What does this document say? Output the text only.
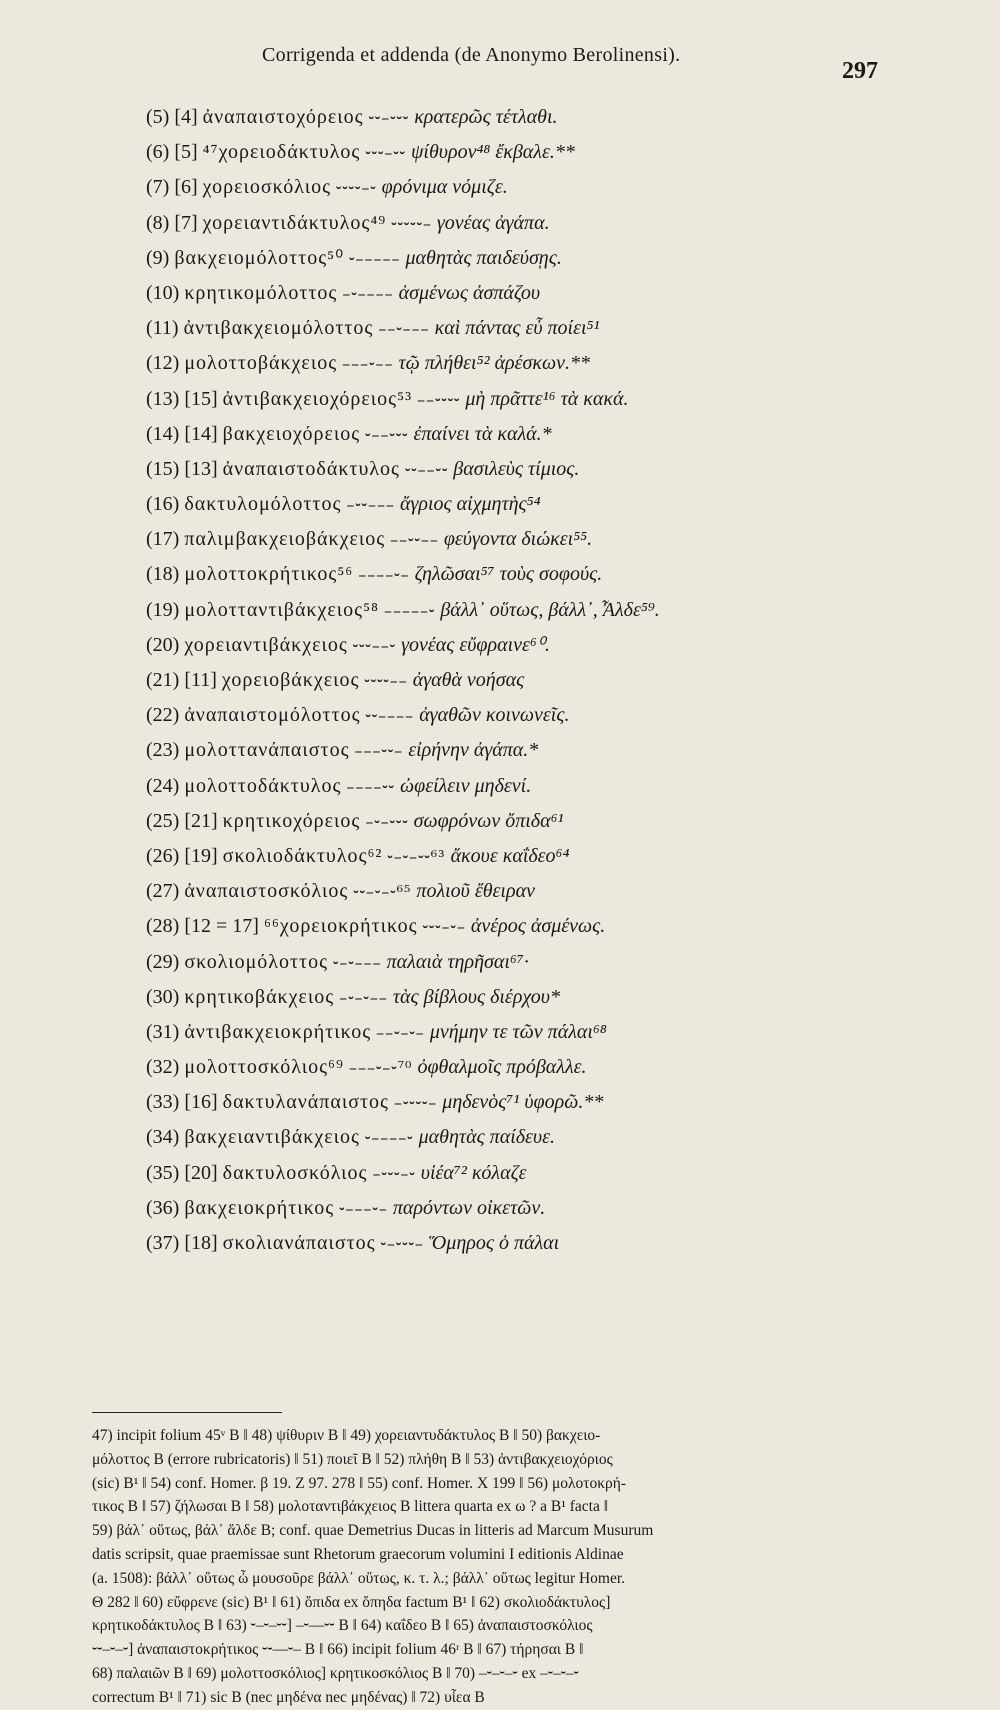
Corrigenda et addenda (de Anonymo Berolinensi).
297
(5) [4] ἀναπαιστοχόρειος ⏑⏑–⏑⏑⏑ κρατερῶς τέτλαθι.
(6) [5] ⁴⁷χορειοδάκτυλος ⏑⏑⏑–⏑⏑ ψίθυρον⁴⁸ ἔκβαλε.**
(7) [6] χορειοσκόλιος ⏑⏑⏑⏑–⏑ φρόνιμα νόμιζε.
(8) [7] χορειαντιδάκτυλος⁴⁹ ⏑⏑⏑⏑⏑– γονέας ἀγάπα.
(9) βακχειομόλοττος⁵⁰ ⏑––––– μαθητὰς παιδεύσῃς.
(10) κρητικομόλοττος –⏑–––– ἀσμένως ἀσπάζου
(11) ἀντιβακχειομόλοττος ––⏑––– καὶ πάντας εὖ ποίει⁵¹
(12) μολοττοβάκχειος –––⏑–– τῷ πλήθει⁵² ἀρέσκων.**
(13) [15] ἀντιβακχειοχόρειος⁵³ ––⏑⏑⏑⏑ μὴ πρᾶττε¹⁶ τὰ κακά.
(14) [14] βακχειοχόρειος ⏑––⏑⏑⏑ ἐπαίνει τὰ καλά.*
(15) [13] ἀναπαιστοδάκτυλος ⏑⏑––⏑⏑ βασιλεὺς τίμιος.
(16) δακτυλομόλοττος –⏑⏑––– ἄγριος αἰχμητὴς⁵⁴
(17) παλιμβακχειοβάκχειος ––⏑⏑–– φεύγοντα διώκει⁵⁵.
(18) μολοττοκρήτικος⁵⁶ ––––⏑– ζηλῶσαι⁵⁷ τοὺς σοφούς.
(19) μολοτταντιβάκχειος⁵⁸ –––––⏑ βάλλ᾿ οὕτως, βάλλ᾿, Ἆλδε⁵⁹.
(20) χορειαντιβάκχειος ⏑⏑⏑––⏑ γονέας εὔφραινε⁶⁰.
(21) [11] χορειοβάκχειος ⏑⏑⏑⏑–– ἀγαθὰ νοήσας
(22) ἀναπαιστομόλοττος ⏑⏑–––– ἀγαθῶν κοινωνεῖς.
(23) μολοττανάπαιστος –––⏑⏑– εἰρήνην ἀγάπα.*
(24) μολοττοδάκτυλος ––––⏑⏑ ὠφείλειν μηδενί.
(25) [21] κρητικοχόρειος –⏑–⏑⏑⏑ σωφρόνων ὄπιδα⁶¹
(26) [19] σκολιοδάκτυλος⁶² ⏑–⏑–⏑⏑⁶³ ἄκουε καΐδεο⁶⁴
(27) ἀναπαιστοσκόλιος ⏑⏑–⏑–⏑⁶⁵ πολιοῦ ἔθειραν
(28) [12 = 17] ⁶⁶χορειοκρήτικος ⏑⏑⏑–⏑– ἀνέρος ἀσμένως.
(29) σκολιομόλοττος ⏑–⏑––– παλαιὰ τηρῆσαι⁶⁷·
(30) κρητικοβάκχειος –⏑–⏑–– τὰς βίβλους διέρχου*
(31) ἀντιβακχειοκρήτικος ––⏑–⏑– μνήμην τε τῶν πάλαι⁶⁸
(32) μολοττοσκόλιος⁶⁹ –––⏑–⏑⁷⁰ ὀφθαλμοῖς πρόβαλλε.
(33) [16] δακτυλανάπαιστος –⏑⏑⏑⏑– μηδενὸς⁷¹ ὑφορῶ.**
(34) βακχειαντιβάκχειος ⏑––––⏑ μαθητὰς παίδευε.
(35) [20] δακτυλοσκόλιος –⏑⏑⏑–⏑ υἱέα⁷² κόλαζε
(36) βακχειοκρήτικος ⏑–––⏑– παρόντων οἰκετῶν.
(37) [18] σκολιανάπαιστος ⏑–⏑⏑⏑– Ὅμηρος ὁ πάλαι
47) incipit folium 45ᵛ B ‖ 48) ψίθυριν B ‖ 49) χορειαντυδάκτυλος B ‖ 50) βακχειο-
μόλοττος B (errore rubricatoris) ‖ 51) ποιεῖ B ‖ 52) πλήθη B ‖ 53) ἀντιβακχειοχόριος
(sic) B¹ ‖ 54) conf. Homer. β 19. Z 97. 278 ‖ 55) conf. Homer. X 199 ‖ 56) μολοτοκρή-
τικος B ‖ 57) ζήλωσαι B ‖ 58) μολοταντιβάκχειος B littera quarta ex ω ? a B¹ facta ‖
59) βάλ᾿ οὕτως, βάλ᾿ ἄλδε B; conf. quae Demetrius Ducas in litteris ad Marcum Musurum
datis scripsit, quae praemissae sunt Rhetorum graecorum volumini I editionis Aldinae
(a. 1508): βάλλ᾿ οὕτως ὦ μουσοῦρε βάλλ᾿ οὕτως, κ. τ. λ.; βάλλ᾿ οὕτως legitur Homer.
Θ 282 ‖ 60) εὔφρενε (sic) B¹ ‖ 61) ὄπιδα ex ὄπηδα factum B¹ ‖ 62) σκολιοδάκτυλος]
κρητικοδάκτυλος B ‖ 63) ⏑–⏑–⏑⏑] –⏑––⏑⏑ B ‖ 64) καΐδεο B ‖ 65) ἀναπαιστοσκόλιος
⏑⏑–⏑–⏑] ἀναπαιστοκρήτικος ⏑⏑––⏑– B ‖ 66) incipit folium 46ʳ B ‖ 67) τήρησαι B ‖
68) παλαιῶν B ‖ 69) μολοττοσκόλιος] κρητικοσκόλιος B ‖ 70) –⏑–⏑–⏑ ex –⏑–⏑–⏑
correctum B¹ ‖ 71) sic B (nec μηδένα nec μηδένας) ‖ 72) υἷεα B
